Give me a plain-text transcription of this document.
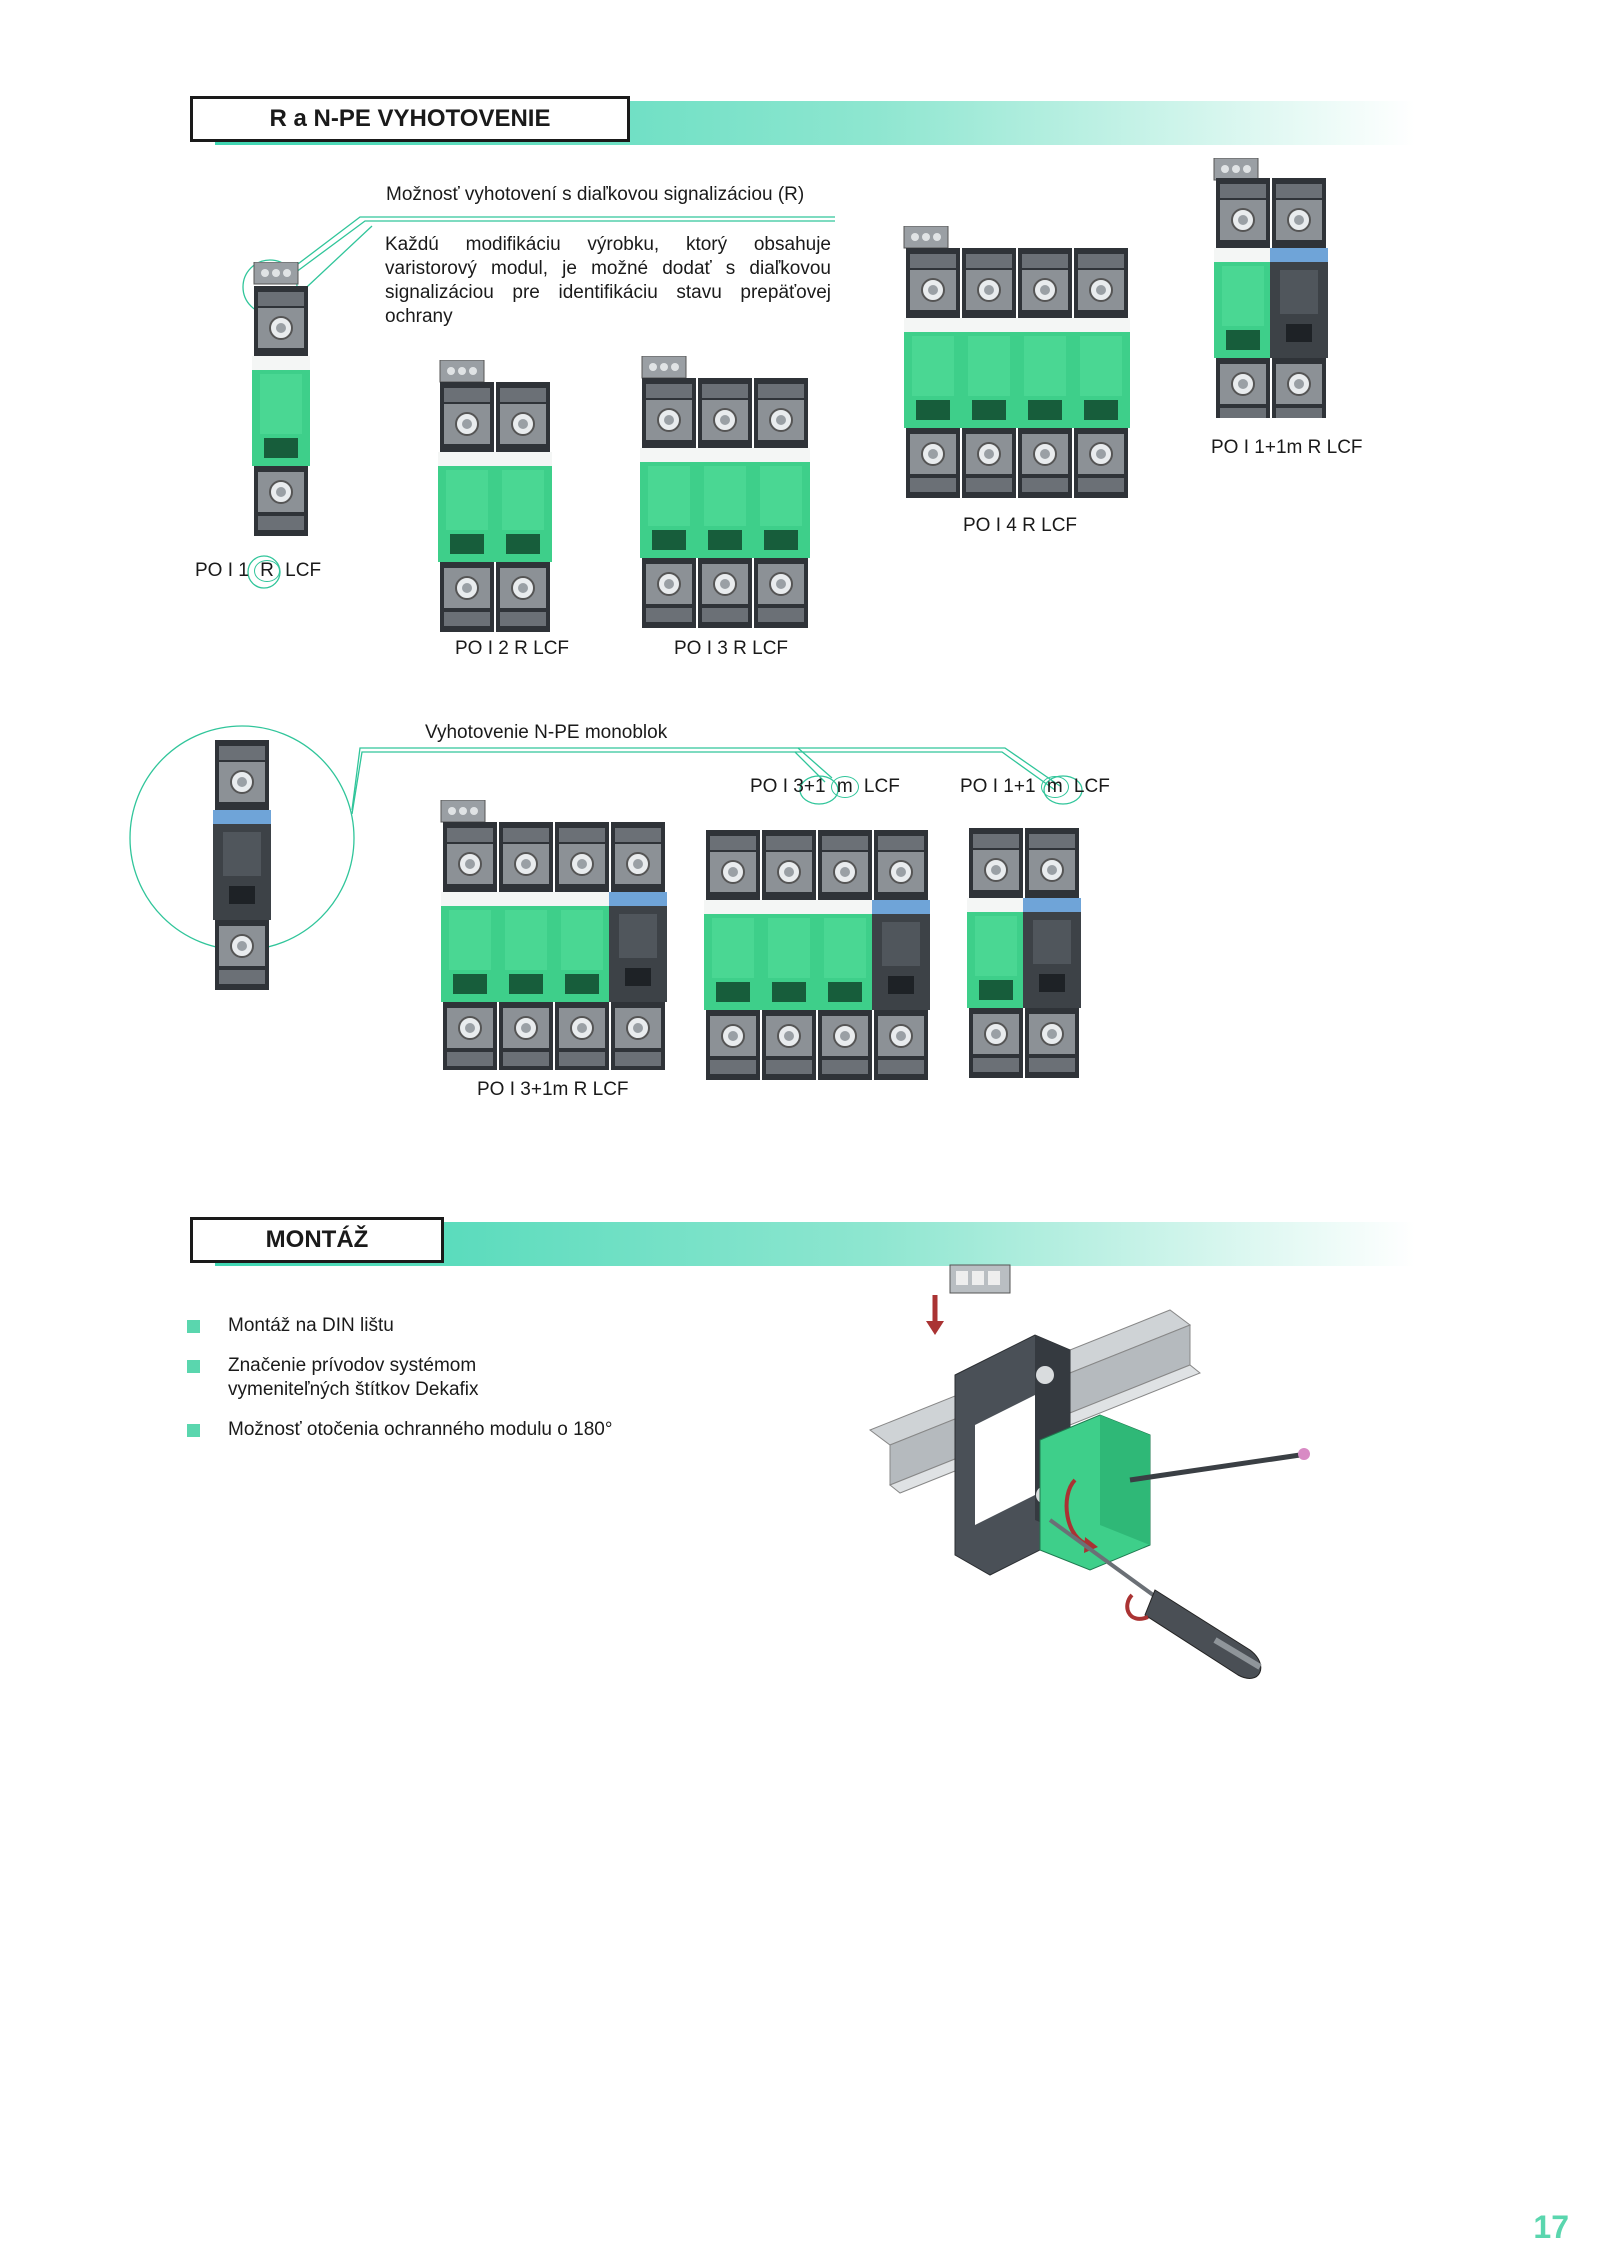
R a N-PE VYHOTOVENIE
Možnosť vyhotovení s diaľkovou signalizáciou (R)
Každú modifikáciu výrobku, ktorý obsahuje varistorový modul, je možné dodať s diaľkovou signalizáciou pre identifikáciu stavu prepäťovej ochrany
PO I 1 R LCF
PO I 2 R LCF	PO I 3 R LCF
PO I 4 R LCF
PO I 1+1m R LCF
Vyhotovenie N-PE monoblok
PO I 3+1 m LCF	PO I 1+1 m LCF
PO I 3+1m R LCF
MONTÁŽ
Montáž na DIN lištu
Značenie prívodov systémom vymeniteľných štítkov Dekafix
Možnosť otočenia ochranného modulu o 180°
17
